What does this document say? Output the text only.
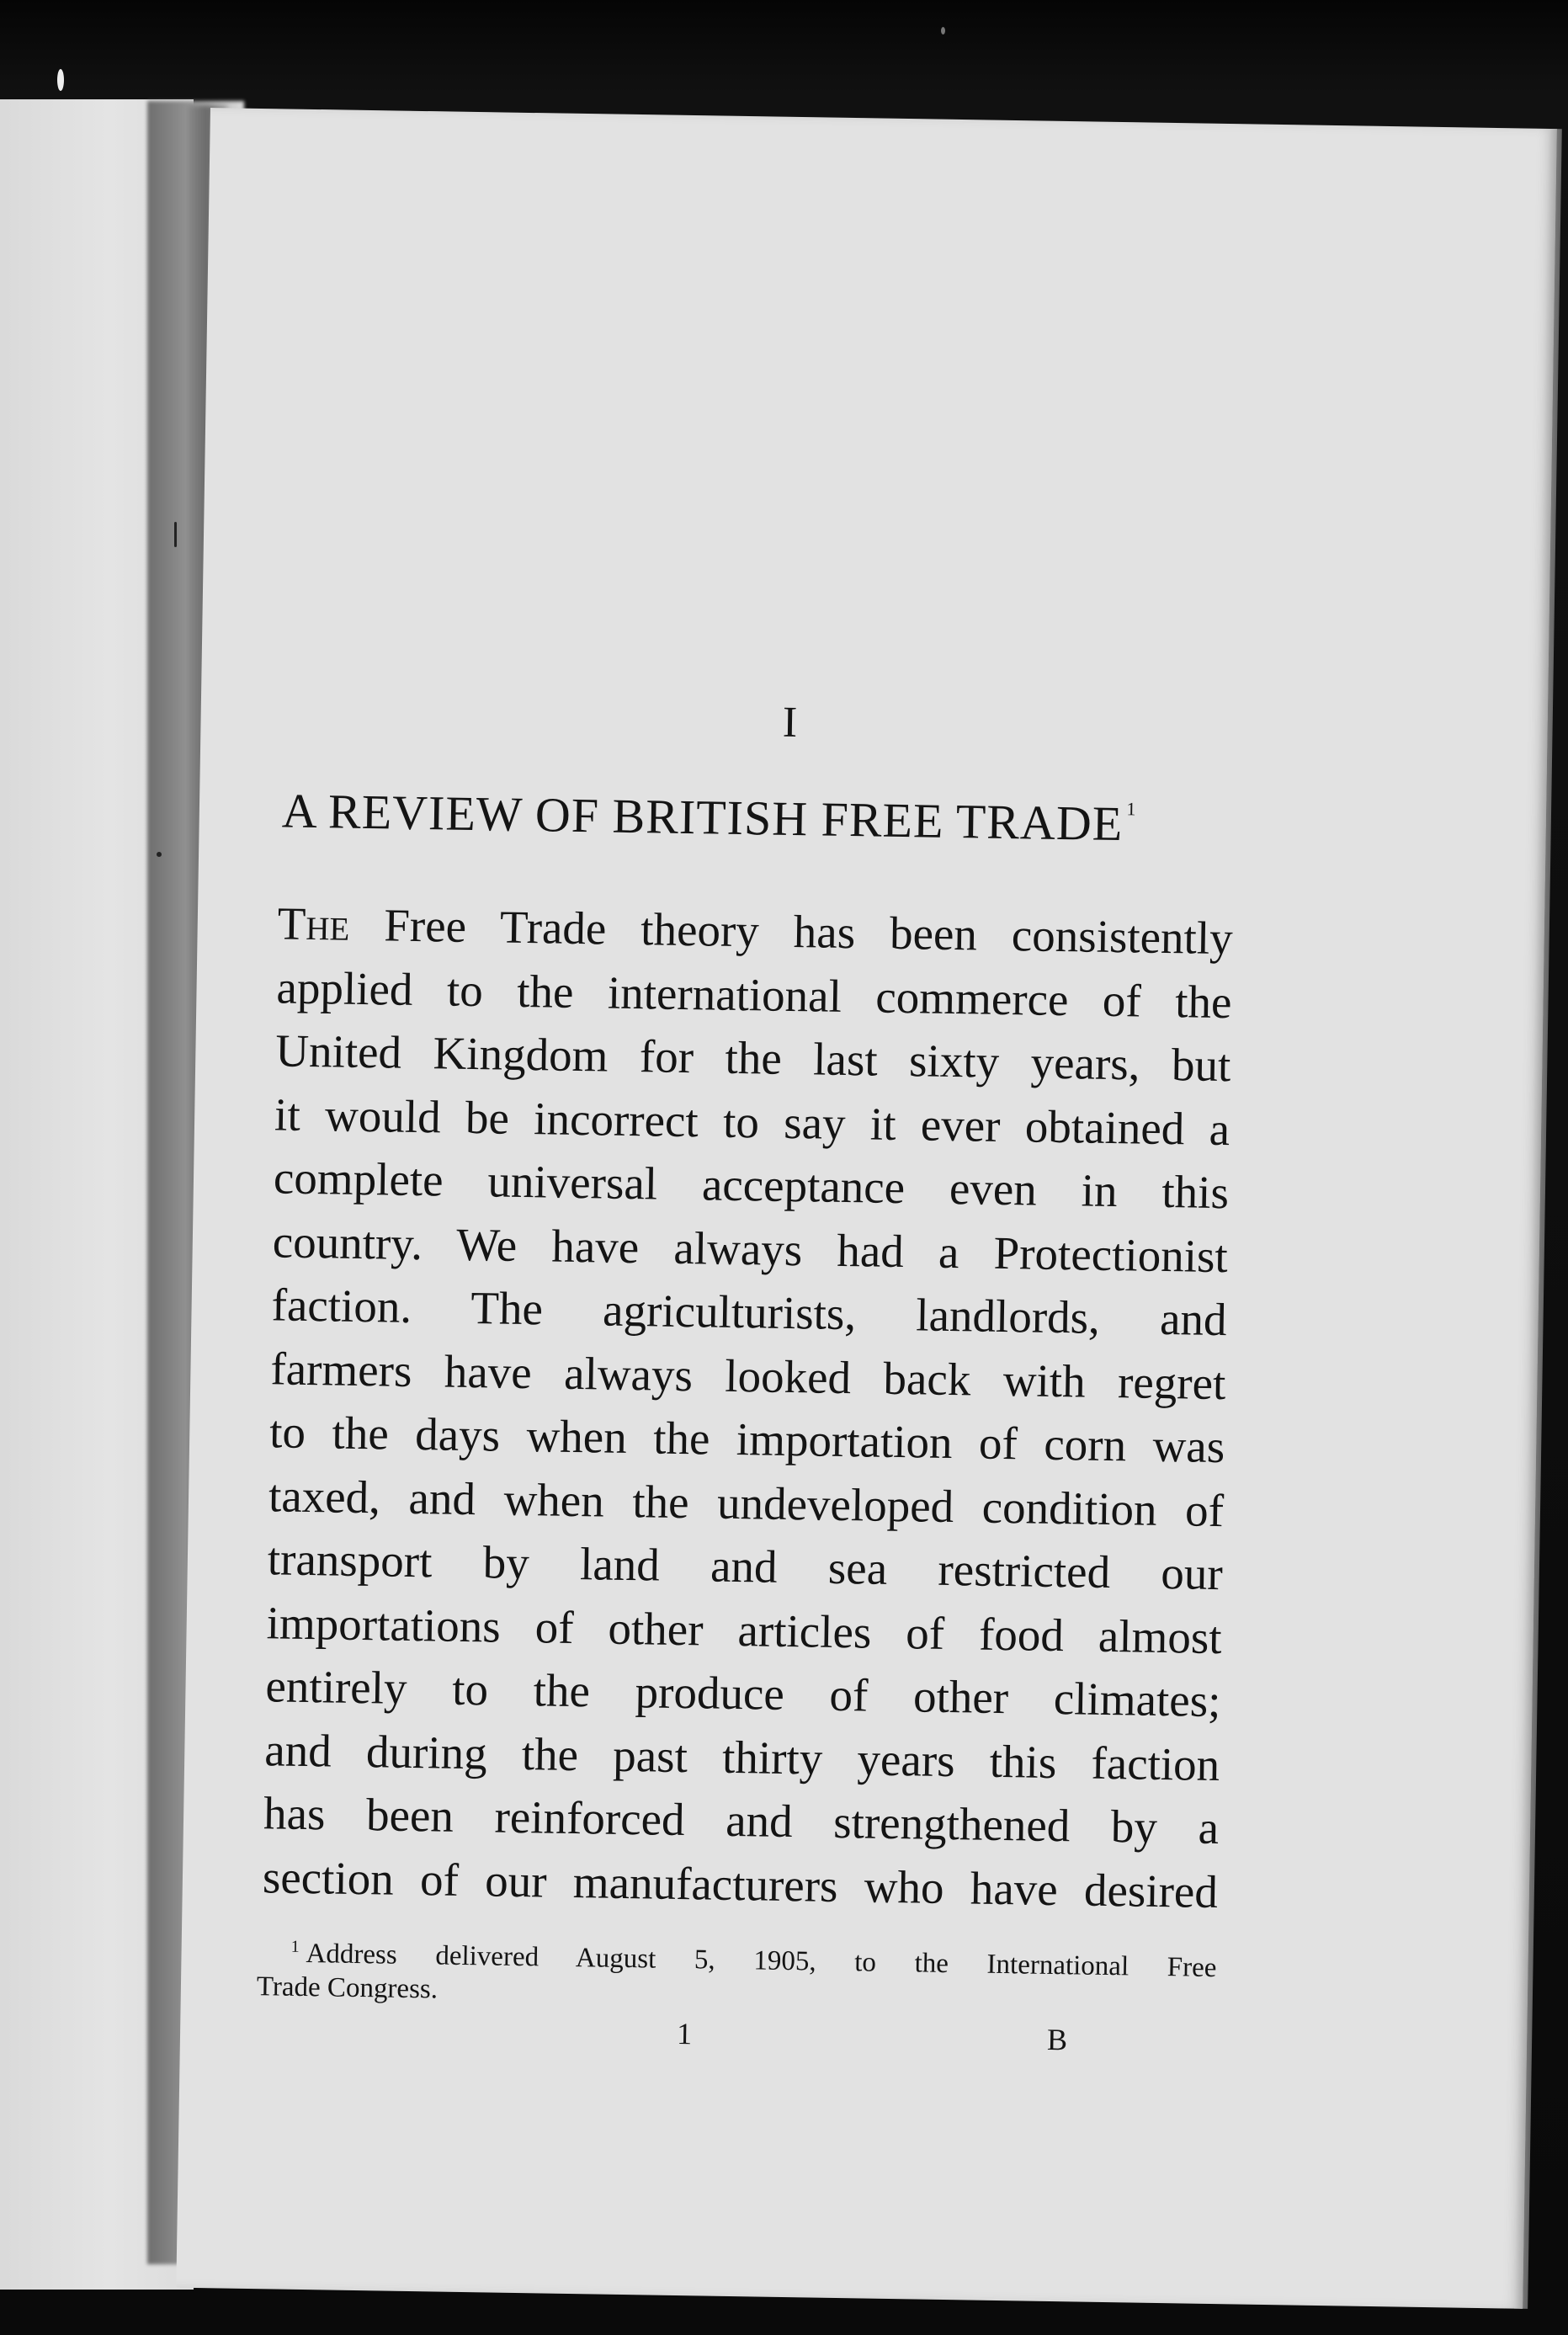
I
A REVIEW OF BRITISH FREE TRADE $^1$
The Free Trade theory has been consistently
applied to the international commerce of the
United Kingdom for the last sixty years, but
it would be incorrect to say it ever obtained a
complete universal acceptance even in this
country. We have always had a Protectionist
faction. The agriculturists, landlords, and
farmers have always looked back with regret
to the days when the importation of corn was
taxed, and when the undeveloped condition of
transport by land and sea restricted our
importations of other articles of food almost
entirely to the produce of other climates;
and during the past thirty years this faction
has been reinforced and strengthened by a
section of our manufacturers who have desired
$^1$ Address delivered August 5, 1905, to the International Free
Trade Congress.
1	B
